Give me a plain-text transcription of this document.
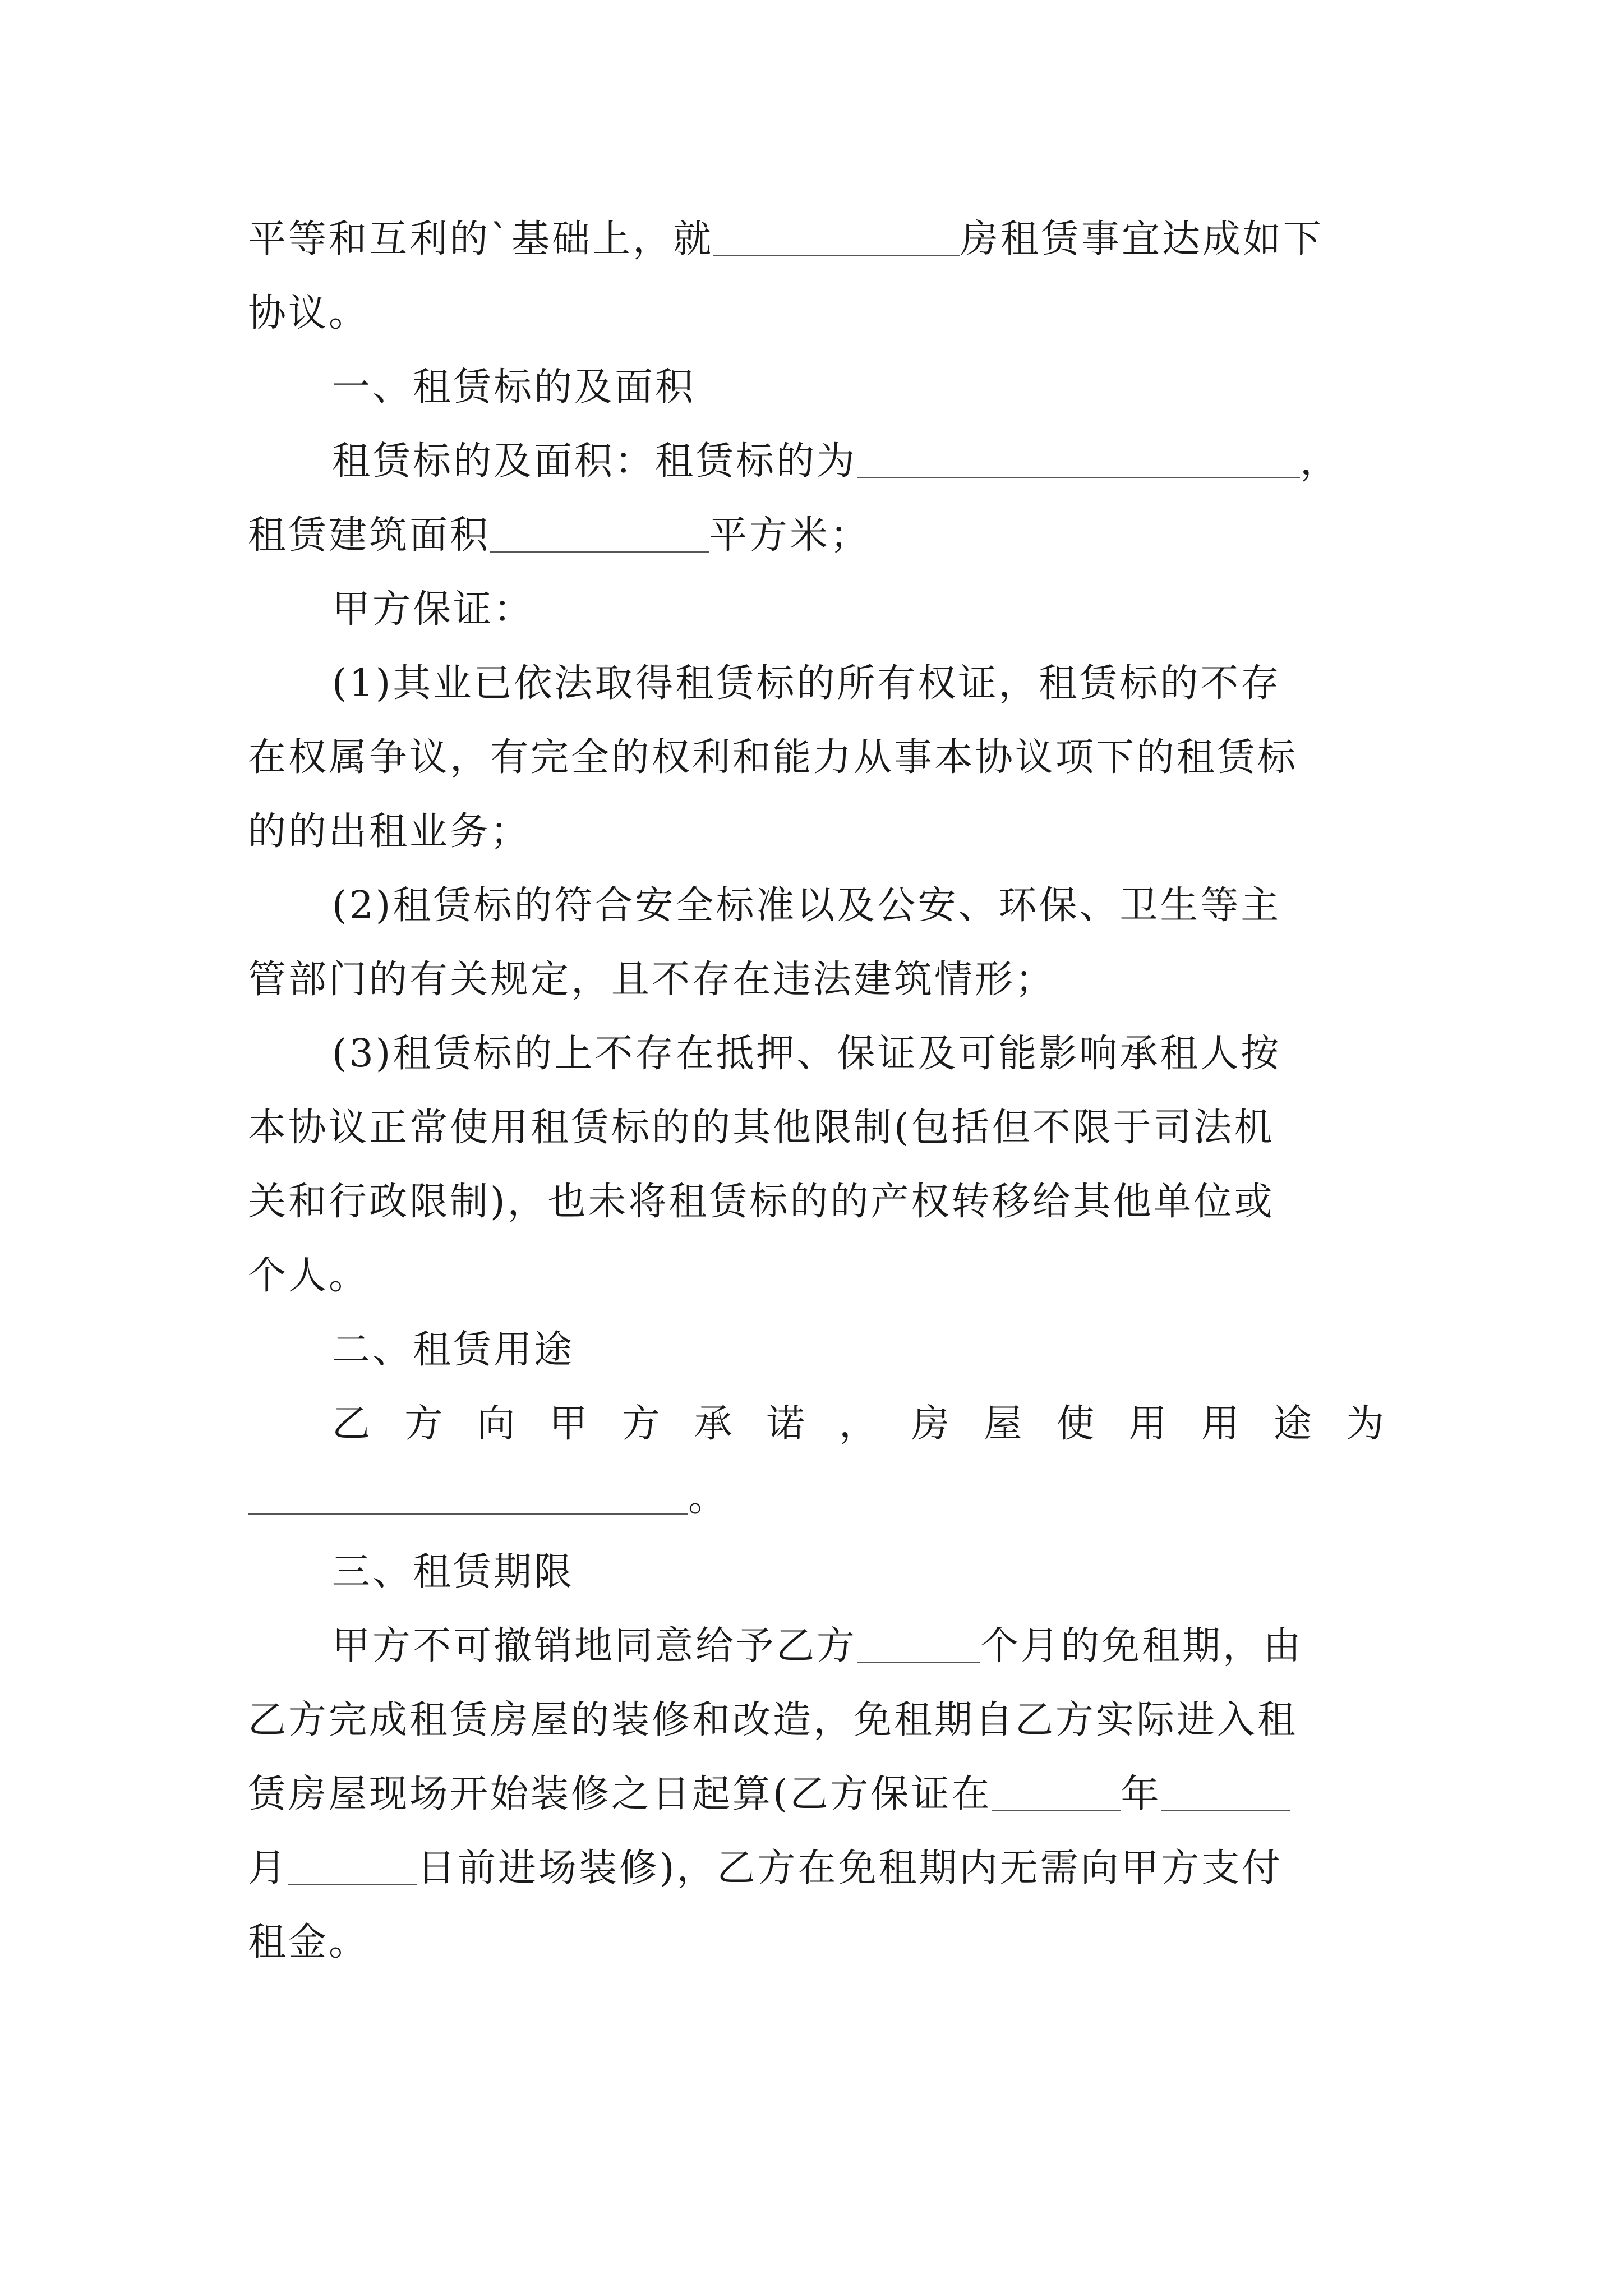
平等和互利的`基础上，就	房租赁事宜达成如下
协议。
一、租赁标的及面积
租赁标的及面积：租赁标的为	，
租赁建筑面积	平方米；
甲方保证：
(1)其业已依法取得租赁标的所有权证，租赁标的不存
在权属争议，有完全的权利和能力从事本协议项下的租赁标
的的出租业务；
(2)租赁标的符合安全标准以及公安、环保、卫生等主
管部门的有关规定，且不存在违法建筑情形；
(3)租赁标的上不存在抵押、保证及可能影响承租人按
本协议正常使用租赁标的的其他限制(包括但不限于司法机
关和行政限制)，也未将租赁标的的产权转移给其他单位或
个人。
二、租赁用途
乙 方 向 甲 方 承 诺 ， 房 屋 使 用 用 途 为
。
三、租赁期限
甲方不可撤销地同意给予乙方	个月的免租期，由
乙方完成租赁房屋的装修和改造，免租期自乙方实际进入租
赁房屋现场开始装修之日起算(乙方保证在	年
月	日前进场装修)，乙方在免租期内无需向甲方支付
租金。
